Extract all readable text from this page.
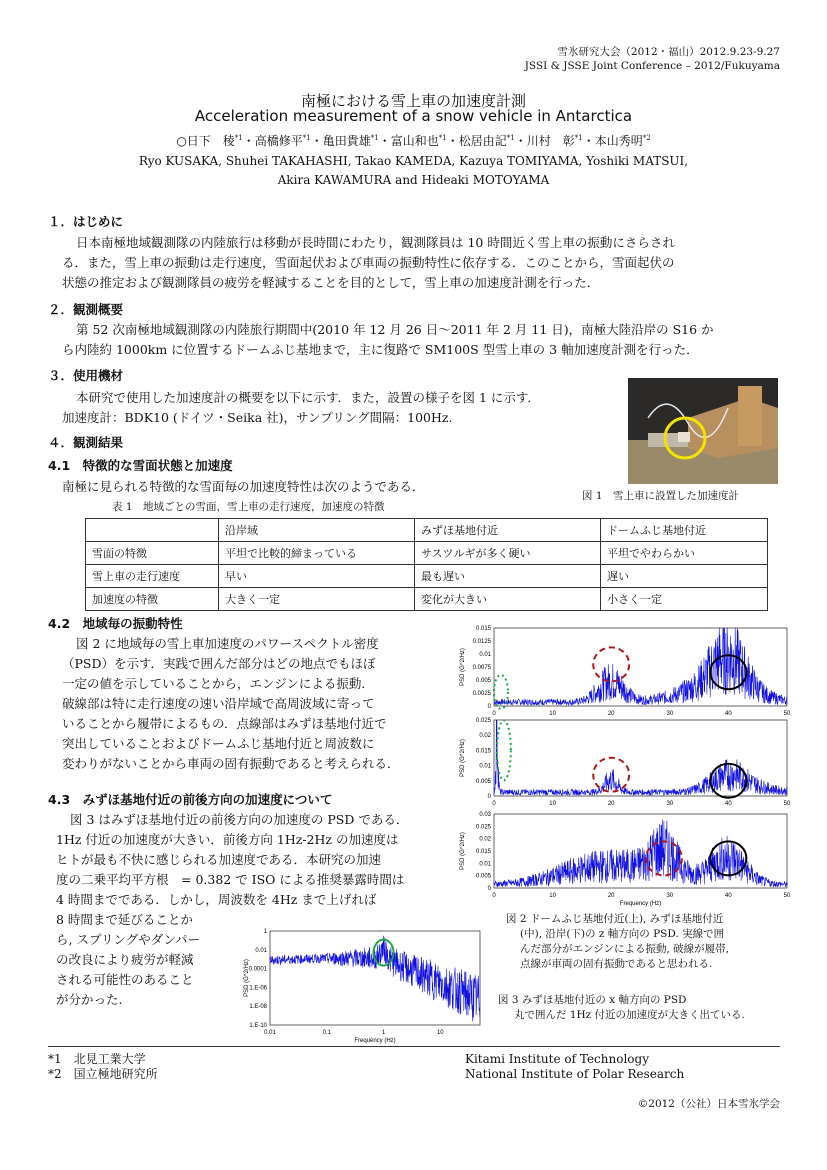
雪氷研究大会（2012・福山）2012.9.23-9.27
JSSI & JSSE Joint Conference – 2012/Fukuyama
南極における雪上車の加速度計測
Acceleration measurement of a snow vehicle in Antarctica
○日下　稜$^{*1}$・高橋修平$^{*1}$・亀田貴雄$^{*1}$・富山和也$^{*1}$・松居由記$^{*1}$・川村　彰$^{*1}$・本山秀明$^{*2}$
Ryo KUSAKA, Shuhei TAKAHASHI, Takao KAMEDA, Kazuya TOMIYAMA, Yoshiki MATSUI,
Akira KAWAMURA and Hideaki MOTOYAMA
１．はじめに

日本南極地域観測隊の内陸旅行は移動が長時間にわたり，観測隊員は 10 時間近く雪上車の振動にさらされ

る．また，雪上車の振動は走行速度，雪面起伏および車両の振動特性に依存する．このことから，雪面起伏の

状態の推定および観測隊員の疲労を軽減することを目的として，雪上車の加速度計測を行った．

２．観測概要

第 52 次南極地域観測隊の内陸旅行期間中(2010 年 12 月 26 日～2011 年 2 月 11 日)，南極大陸沿岸の S16 か

ら内陸約 1000km に位置するドームふじ基地まで，主に復路で SM100S 型雪上車の 3 軸加速度計測を行った．

３．使用機材

本研究で使用した加速度計の概要を以下に示す．また，設置の様子を図 1 に示す．

加速度計：BDK10 (ドイツ・Seika 社)，サンプリング間隔：100Hz.

図 1　雪上車に設置した加速度計
４．観測結果
4.1　特徴的な雪面状態と加速度

南極に見られる特徴的な雪面毎の加速度特性は次のようである．

表 1　地域ごとの雪面，雪上車の走行速度，加速度の特徴
	沿岸域	みずほ基地付近	ドームふじ基地付近
雪面の特徴	平坦で比較的締まっている	サスツルギが多く硬い	平坦でやわらかい
雪上車の走行速度	早い	最も遅い	遅い
加速度の特徴	大きく一定	変化が大きい	小さく一定
4.2　地域毎の振動特性

図 2 に地域毎の雪上車加速度のパワースペクトル密度

（PSD）を示す．実践で囲んだ部分はどの地点でもほぼ

一定の値を示していることから，エンジンによる振動．

破線部は特に走行速度の速い沿岸域で高周波域に寄って

いることから履帯によるもの．点線部はみずほ基地付近で

突出していることおよびドームふじ基地付近と周波数に

変わりがないことから車両の固有振動であると考えられる．

4.3　みずほ基地付近の前後方向の加速度について

図 3 はみずほ基地付近の前後方向の加速度の PSD である．

1Hz 付近の加速度が大きい．前後方向 1Hz-2Hz の加速度は

ヒトが最も不快に感じられる加速度である．本研究の加速

度の二乗平均平方根　= 0.382 で ISO による推奨暴露時間は

4 時間までである．しかし，周波数を 4Hz まで上げれば

8 時間まで延びることか

ら, スプリングやダンパー

の改良により疲労が軽減

される可能性のあること

が分かった.

0	10	20	30	40	50
0.015
0.0125
0.01
0.0075
0.005
0.0025
0
PSD (G^2/Hz)
0	10	20	30	40	50
0.025
0.02
0.015
0.01
0.005
0
PSD (G^2/Hz)
0	10	20	30	40	50
0.03
0.025
0.02
0.015
0.01
0.005
0
PSD (G^2/Hz)
Frequency (Hz)
0.01	0.1	1	10
1
0.01
0.0001
1.E-06
1.E-08
1.E-10
PSD (G^2/Hz)
Frequency (Hz)
図 2 ドームふじ基地付近(上), みずほ基地付近
(中), 沿岸(下)の z 軸方向の PSD. 実線で囲
んだ部分がエンジンによる振動, 破線が履帯,
点線が車両の固有振動であると思われる.
図 3 みずほ基地付近の x 軸方向の PSD
丸で囲んだ 1Hz 付近の加速度が大きく出ている.
*1　北見工業大学
*2　国立極地研究所
Kitami Institute of Technology
National Institute of Polar Research
©2012（公社）日本雪氷学会
